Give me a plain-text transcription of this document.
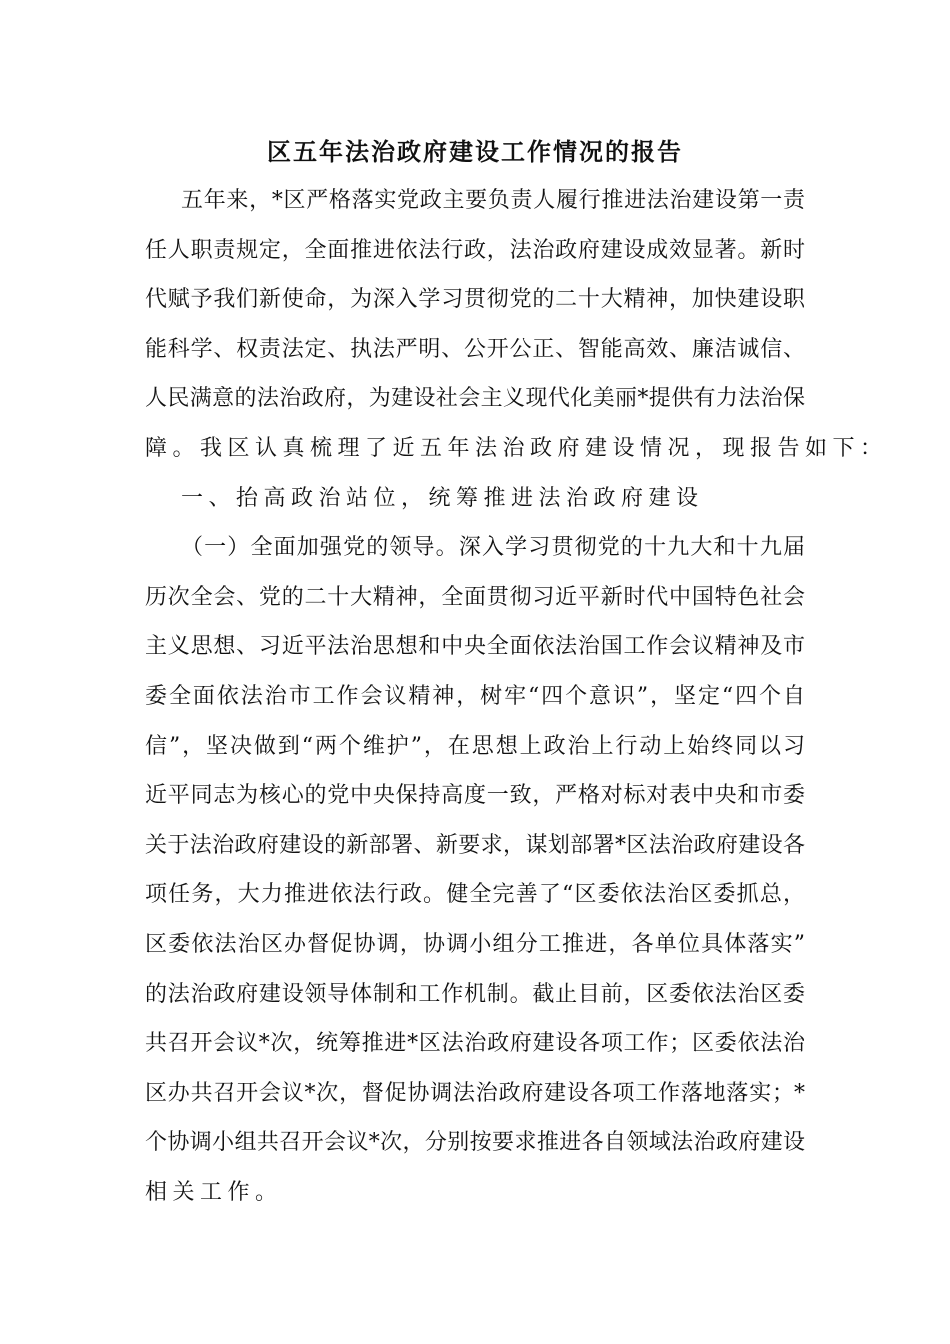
区五年法治政府建设工作情况的报告
五年来，*区严格落实党政主要负责人履行推进法治建设第一责
任人职责规定，全面推进依法行政，法治政府建设成效显著。新时
代赋予我们新使命，为深入学习贯彻党的二十大精神，加快建设职
能科学、权责法定、执法严明、公开公正、智能高效、廉洁诚信、
人民满意的法治政府，为建设社会主义现代化美丽*提供有力法治保
障。我区认真梳理了近五年法治政府建设情况，现报告如下：
一、抬高政治站位，统筹推进法治政府建设
（一）全面加强党的领导。深入学习贯彻党的十九大和十九届
历次全会、党的二十大精神，全面贯彻习近平新时代中国特色社会
主义思想、习近平法治思想和中央全面依法治国工作会议精神及市
委全面依法治市工作会议精神，树牢“四个意识”，坚定“四个自
信”，坚决做到“两个维护”，在思想上政治上行动上始终同以习
近平同志为核心的党中央保持高度一致，严格对标对表中央和市委
关于法治政府建设的新部署、新要求，谋划部署*区法治政府建设各
项任务，大力推进依法行政。健全完善了“区委依法治区委抓总，
区委依法治区办督促协调，协调小组分工推进，各单位具体落实”
的法治政府建设领导体制和工作机制。截止目前，区委依法治区委
共召开会议*次，统筹推进*区法治政府建设各项工作；区委依法治
区办共召开会议*次，督促协调法治政府建设各项工作落地落实；*
个协调小组共召开会议*次，分别按要求推进各自领域法治政府建设
相关工作。
